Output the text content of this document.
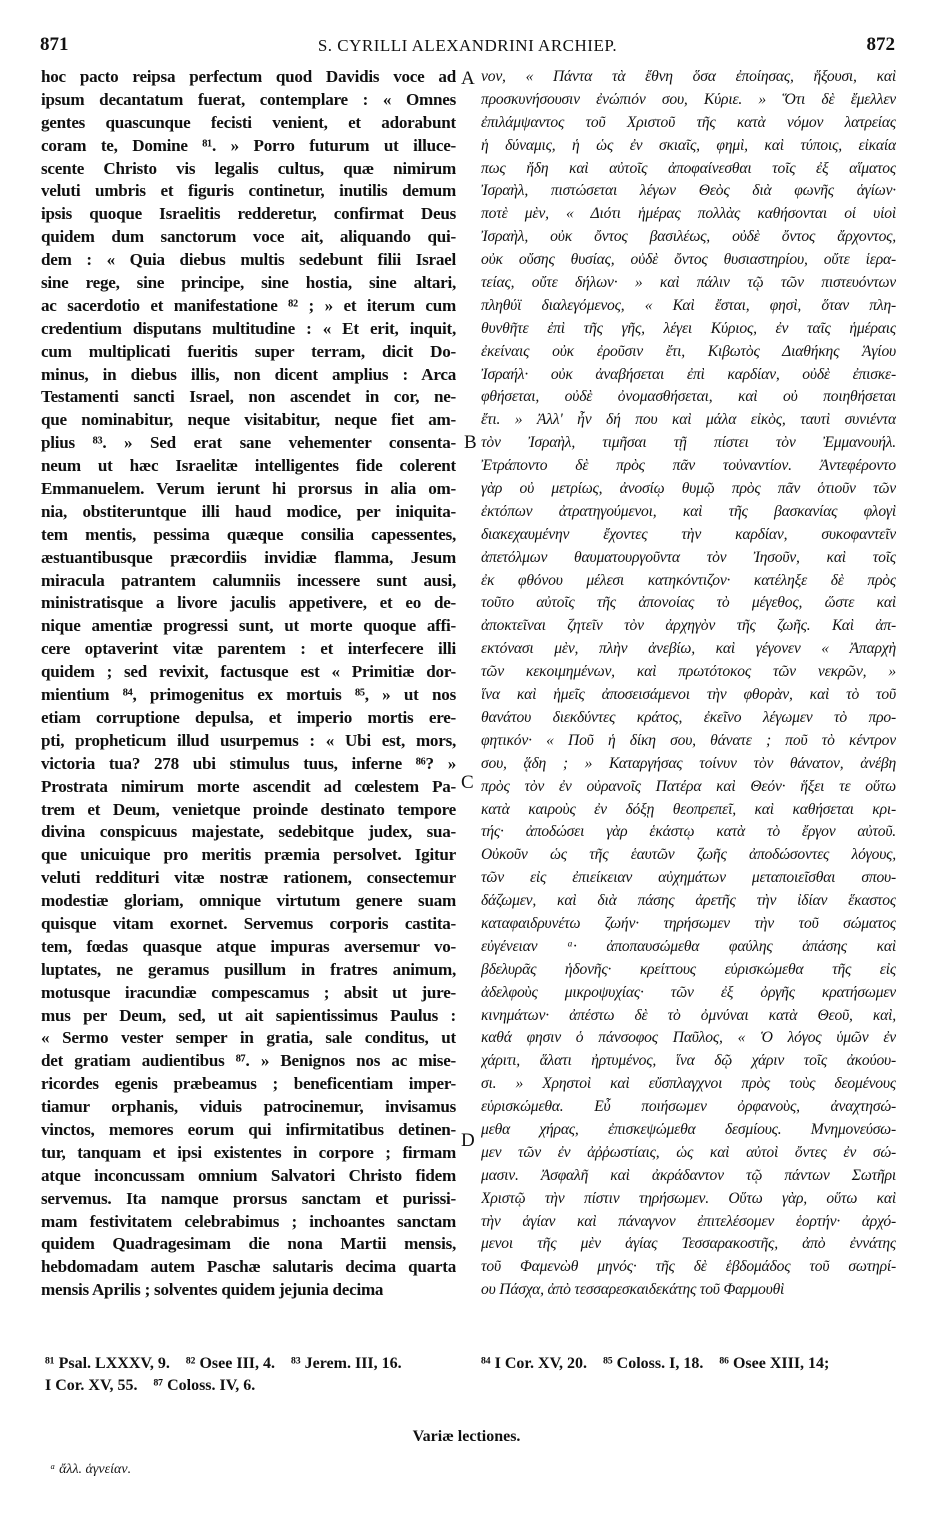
871	S. CYRILLI ALEXANDRINI ARCHIEP.	872
hoc pacto reipsa perfectum quod Davidis voce ad
ipsum decantatum fuerat, contemplare : « Omnes
gentes quascunque fecisti venient, et adorabunt
coram te, Domine ⁸¹. » Porro futurum ut illuce-
scente Christo vis legalis cultus, quæ nimirum
veluti umbris et figuris continetur, inutilis demum
ipsis quoque Israelitis redderetur, confirmat Deus
quidem dum sanctorum voce ait, aliquando qui-
dem : « Quia diebus multis sedebunt filii Israel
sine rege, sine principe, sine hostia, sine altari,
ac sacerdotio et manifestatione ⁸² ; » et iterum cum
credentium disputans multitudine : « Et erit, inquit,
cum multiplicati fueritis super terram, dicit Do-
minus, in diebus illis, non dicent amplius : Arca
Testamenti sancti Israel, non ascendet in cor, ne-
que nominabitur, neque visitabitur, neque fiet am-
plius ⁸³. » Sed erat sane vehementer consenta-
neum ut hæc Israelitæ intelligentes fide colerent
Emmanuelem. Verum ierunt hi prorsus in alia om-
nia, obstiteruntque illi haud modice, per iniquita-
tem mentis, pessima quæque consilia capessentes,
æstuantibusque præcordiis invidiæ flamma, Jesum
miracula patrantem calumniis incessere sunt ausi,
ministratisque a livore jaculis appetivere, et eo de-
nique amentiæ progressi sunt, ut morte quoque affi-
cere optaverint vitæ parentem : et interfecere illi
quidem ; sed revixit, factusque est « Primitiæ dor-
mientium ⁸⁴, primogenitus ex mortuis ⁸⁵, » ut nos
etiam corruptione depulsa, et imperio mortis ere-
pti, propheticum illud usurpemus : « Ubi est, mors,
victoria tua? 278 ubi stimulus tuus, inferne ⁸⁶? »
Prostrata nimirum morte ascendit ad cœlestem Pa-
trem et Deum, venietque proinde destinato tempore
divina conspicuus majestate, sedebitque judex, sua-
que unicuique pro meritis præmia persolvet. Igitur
veluti reddituri vitæ nostræ rationem, consectemur
modestiæ gloriam, omnique virtutum genere suam
quisque vitam exornet. Servemus corporis castita-
tem, fœdas quasque atque impuras aversemur vo-
luptates, ne geramus pusillum in fratres animum,
motusque iracundiæ compescamus ; absit ut jure-
mus per Deum, sed, ut ait sapientissimus Paulus :
« Sermo vester semper in gratia, sale conditus, ut
det gratiam audientibus ⁸⁷. » Benignos nos ac mise-
ricordes egenis præbeamus ; beneficentiam imper-
tiamur orphanis, viduis patrocinemur, invisamus
vinctos, memores eorum qui infirmitatibus detinen-
tur, tanquam et ipsi existentes in corpore ; firmam
atque inconcussam omnium Salvatori Christo fidem
servemus. Ita namque prorsus sanctam et purissi-
mam festivitatem celebrabimus ; inchoantes sanctam
quidem Quadragesimam die nona Martii mensis,
hebdomadam autem Paschæ salutaris decima quarta
mensis Aprilis ; solventes quidem jejunia decima
νον, « Πάντα τὰ ἔθνη ὅσα ἐποίησας, ἥξουσι, καὶ
προσκυνήσουσιν ἐνώπιόν σου, Κύριε. » Ὅτι δὲ ἔμελλεν
ἐπιλάμψαντος τοῦ Χριστοῦ τῆς κατὰ νόμον λατρείας
ἡ δύναμις, ἡ ὡς ἐν σκιαῖς, φημὶ, καὶ τύποις, εἰκαία
πως ἤδη καὶ αὐτοῖς ἀποφαίνεσθαι τοῖς ἐξ αἵματος
Ἰσραὴλ, πιστώσεται λέγων Θεὸς διὰ φωνῆς ἁγίων·
ποτὲ μὲν, « Διότι ἡμέρας πολλὰς καθήσονται οἱ υἱοὶ
Ἰσραὴλ, οὐκ ὄντος βασιλέως, οὐδὲ ὄντος ἄρχοντος,
οὐκ οὔσης θυσίας, οὐδὲ ὄντος θυσιαστηρίου, οὔτε ἱερα-
τείας, οὔτε δήλων· » καὶ πάλιν τῷ τῶν πιστευόντων
πληθύϊ διαλεγόμενος, « Καὶ ἔσται, φησὶ, ὅταν πλη-
θυνθῆτε ἐπὶ τῆς γῆς, λέγει Κύριος, ἐν ταῖς ἡμέραις
ἐκείναις οὐκ ἐροῦσιν ἔτι, Κιβωτὸς Διαθήκης Ἁγίου
Ἰσραήλ· οὐκ ἀναβήσεται ἐπὶ καρδίαν, οὐδὲ ἐπισκε-
φθήσεται, οὐδὲ ὀνομασθήσεται, καὶ οὐ ποιηθήσεται
ἔτι. » Ἀλλ' ἦν δή που καὶ μάλα εἰκὸς, ταυτὶ συνιέντα
τὸν Ἰσραὴλ, τιμῆσαι τῇ πίστει τὸν Ἐμμανουήλ.
Ἐτράποντο δὲ πρὸς πᾶν τοὐναντίον. Ἀντεφέροντο
γὰρ οὐ μετρίως, ἀνοσίῳ θυμῷ πρὸς πᾶν ὁτιοῦν τῶν
ἐκτόπων ἀτρατηγούμενοι, καὶ τῆς βασκανίας φλογὶ
διακεχαυμένην ἔχοντες τὴν καρδίαν, συκοφαντεῖν
ἀπετόλμων θαυματουργοῦντα τὸν Ἰησοῦν, καὶ τοῖς
ἐκ φθόνου μέλεσι κατηκόντιζον· κατέληξε δὲ πρὸς
τοῦτο αὐτοῖς τῆς ἀπονοίας τὸ μέγεθος, ὥστε καὶ
ἀποκτεῖναι ζητεῖν τὸν ἀρχηγὸν τῆς ζωῆς. Καὶ ἀπ-
εκτόνασι μὲν, πλὴν ἀνεβίω, καὶ γέγονεν « Ἀπαρχὴ
τῶν κεκοιμημένων, καὶ πρωτότοκος τῶν νεκρῶν, »
ἵνα καὶ ἡμεῖς ἀποσεισάμενοι τὴν φθορὰν, καὶ τὸ τοῦ
θανάτου διεκδύντες κράτος, ἐκεῖνο λέγωμεν τὸ προ-
φητικόν· « Ποῦ ἡ δίκη σου, θάνατε ; ποῦ τὸ κέντρον
σου, ᾅδη ; » Καταργήσας τοίνυν τὸν θάνατον, ἀνέβη
πρὸς τὸν ἐν οὐρανοῖς Πατέρα καὶ Θεόν· ἥξει τε οὕτω
κατὰ καιροὺς ἐν δόξῃ θεοπρεπεῖ, καὶ καθήσεται κρι-
τής· ἀποδώσει γὰρ ἑκάστῳ κατὰ τὸ ἔργον αὐτοῦ.
Οὐκοῦν ὡς τῆς ἑαυτῶν ζωῆς ἀποδώσοντες λόγους,
τῶν εἰς ἐπιείκειαν αὐχημάτων μεταποιεῖσθαι σπου-
δάζωμεν, καὶ διὰ πάσης ἀρετῆς τὴν ἰδίαν ἕκαστος
καταφαιδρυνέτω ζωήν· τηρήσωμεν τὴν τοῦ σώματος
εὐγένειαν ᵃ· ἀποπαυσώμεθα φαύλης ἁπάσης καὶ
βδελυρᾶς ἡδονῆς· κρείττους εὑρισκώμεθα τῆς εἰς
ἀδελφοὺς μικροψυχίας· τῶν ἐξ ὀργῆς κρατήσωμεν
κινημάτων· ἀπέστω δὲ τὸ ὀμνύναι κατὰ Θεοῦ, καὶ,
καθά φησιν ὁ πάνσοφος Παῦλος, « Ὁ λόγος ὑμῶν ἐν
χάριτι, ἅλατι ἠρτυμένος, ἵνα δῷ χάριν τοῖς ἀκούου-
σι. » Χρηστοὶ καὶ εὔσπλαγχνοι πρὸς τοὺς δεομένους
εὑρισκώμεθα. Εὖ ποιήσωμεν ὀρφανοὺς, ἀναχτησώ-
μεθα χήρας, ἐπισκεψώμεθα δεσμίους. Μνημονεύσω-
μεν τῶν ἐν ἀῤῥωστίαις, ὡς καὶ αὐτοὶ ὄντες ἐν σώ-
μασιν. Ἀσφαλῆ καὶ ἀκράδαντον τῷ πάντων Σωτῆρι
Χριστῷ τὴν πίστιν τηρήσωμεν. Οὕτω γὰρ, οὕτω καὶ
τὴν ἁγίαν καὶ πάναγνον ἐπιτελέσομεν ἑορτήν· ἀρχό-
μενοι τῆς μὲν ἁγίας Τεσσαρακοστῆς, ἀπὸ ἐννάτης
τοῦ Φαμενὼθ μηνός· τῆς δὲ ἑβδομάδος τοῦ σωτηρί-
ου Πάσχα, ἀπὸ τεσσαρεσκαιδεκάτης τοῦ Φαρμουθὶ
A
B
C
D
⁸¹ Psal. LXXXV, 9. ⁸² Osee III, 4. ⁸³ Jerem. III, 16.
I Cor. XV, 55. ⁸⁷ Coloss. IV, 6.
⁸⁴ I Cor. XV, 20. ⁸⁵ Coloss. I, 18. ⁸⁶ Osee XIII, 14;
Variæ lectiones.
ᵃ ἄλλ. ἁγνείαν.
